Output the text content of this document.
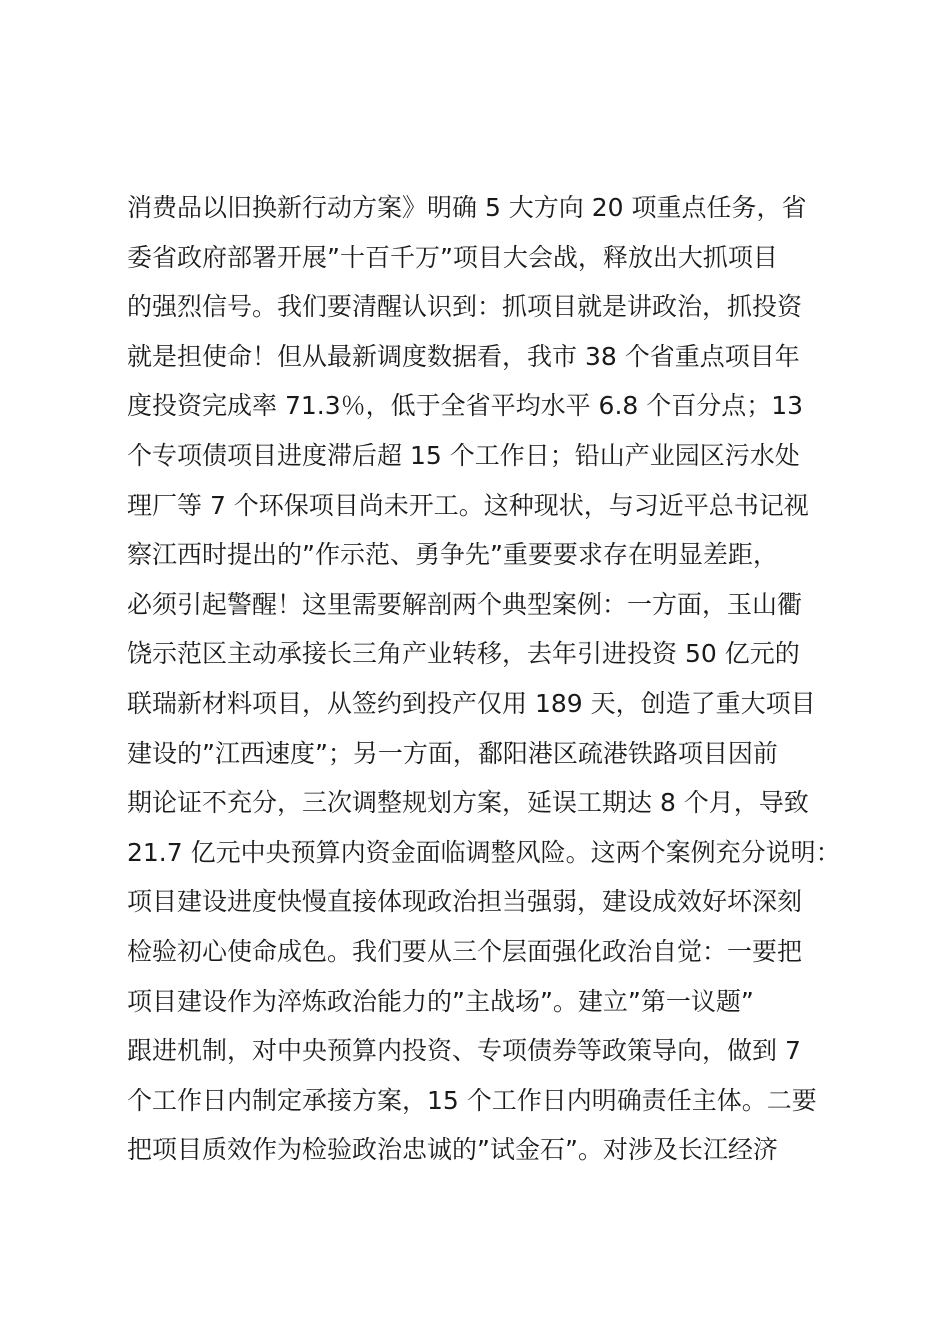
消费品以旧换新行动方案》明确 5 大方向 20 项重点任务，省
委省政府部署开展”十百千万”项目大会战，释放出大抓项目
的强烈信号。我们要清醒认识到：抓项目就是讲政治，抓投资
就是担使命！但从最新调度数据看，我市 38 个省重点项目年
度投资完成率 71.3％，低于全省平均水平 6.8 个百分点；13
个专项债项目进度滞后超 15 个工作日；铅山产业园区污水处
理厂等 7 个环保项目尚未开工。这种现状，与习近平总书记视
察江西时提出的”作示范、勇争先”重要要求存在明显差距，
必须引起警醒！这里需要解剖两个典型案例：一方面，玉山衢
饶示范区主动承接长三角产业转移，去年引进投资 50 亿元的
联瑞新材料项目，从签约到投产仅用 189 天，创造了重大项目
建设的”江西速度”；另一方面，鄱阳港区疏港铁路项目因前
期论证不充分，三次调整规划方案，延误工期达 8 个月，导致
21.7 亿元中央预算内资金面临调整风险。这两个案例充分说明：
项目建设进度快慢直接体现政治担当强弱，建设成效好坏深刻
检验初心使命成色。我们要从三个层面强化政治自觉：一要把
项目建设作为淬炼政治能力的”主战场”。建立”第一议题”
跟进机制，对中央预算内投资、专项债券等政策导向，做到 7
个工作日内制定承接方案，15 个工作日内明确责任主体。二要
把项目质效作为检验政治忠诚的”试金石”。对涉及长江经济
